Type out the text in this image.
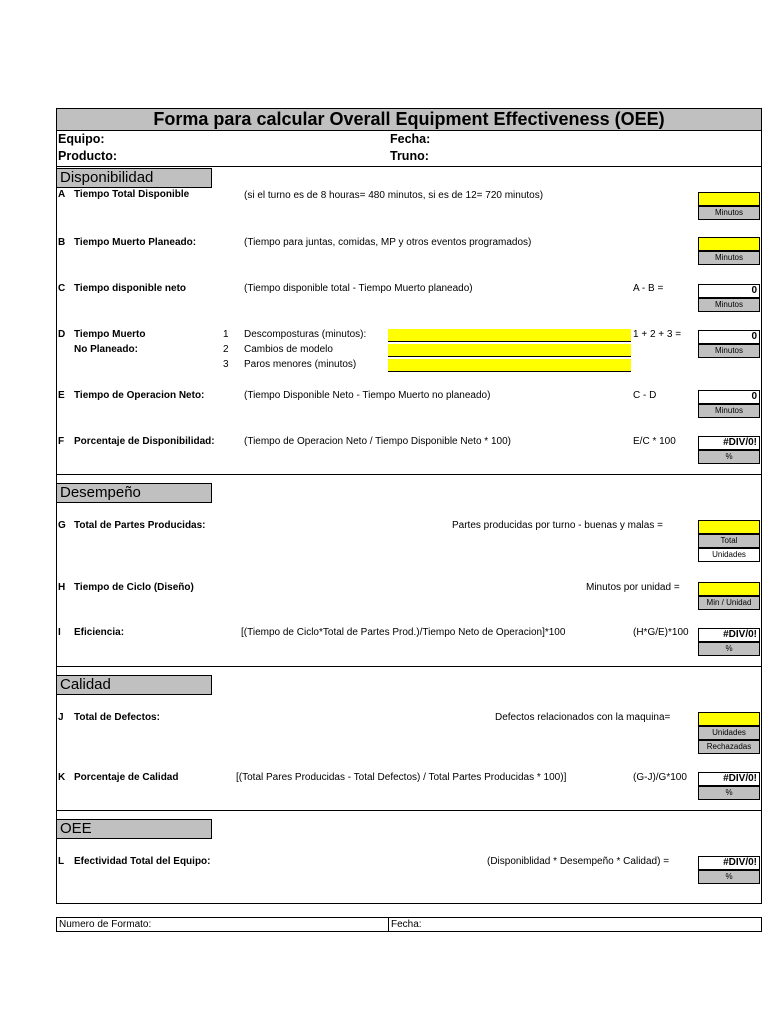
Forma para calcular Overall Equipment Effectiveness (OEE)
Equipo:	Fecha:
Producto:	Truno:
Disponibilidad
A Tiempo Total Disponible	(si el turno es de 8 houras= 480 minutos, si es de 12= 720 minutos)
Minutos
B Tiempo Muerto Planeado:	(Tiempo para juntas, comidas, MP y otros eventos programados)
Minutos
C Tiempo disponible neto	(Tiempo disponible total - Tiempo Muerto planeado)	A - B =	0
Minutos
D Tiempo Muerto
No Planeado:
1 Descomposturas (minutos):
2 Cambios de modelo
3 Paros menores (minutos)
1 + 2 + 3 =	0
Minutos
E Tiempo de Operacion Neto:	(Tiempo Disponible Neto - Tiempo Muerto no planeado)	C - D	0
Minutos
F Porcentaje de Disponibilidad:	(Tiempo de Operacion Neto / Tiempo Disponible Neto * 100)	E/C * 100	#DIV/0!
%
Desempeño
G Total de Partes Producidas:	Partes producidas por turno - buenas y malas =
Total
Unidades
H Tiempo de Ciclo (Diseño)	Minutos por unidad =
Min / Unidad
I Eficiencia:	[(Tiempo de Ciclo*Total de Partes Prod.)/Tiempo Neto de Operacion]*100	(H*G/E)*100	#DIV/0!
%
Calidad
J Total de Defectos:	Defectos relacionados con la maquina=
Unidades
Rechazadas
K Porcentaje de Calidad	[(Total Pares Producidas - Total Defectos) / Total Partes Producidas * 100)]	(G-J)/G*100	#DIV/0!
%
OEE
L Efectividad Total del Equipo:	(Disponiblidad * Desempeño * Calidad) =	#DIV/0!
%
Numero de Formato:	Fecha:
